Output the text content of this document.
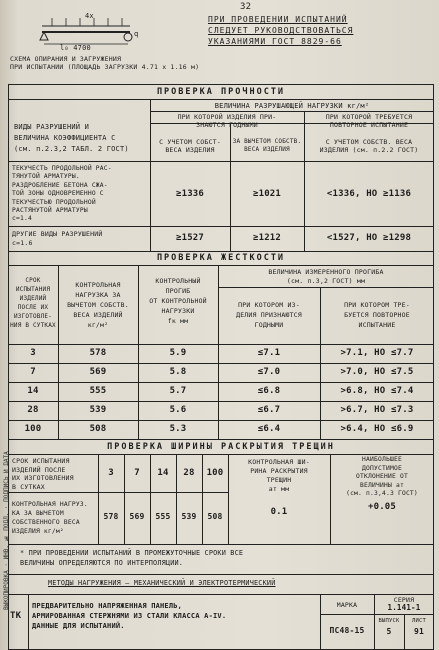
ВЫКОПИРОВКА · ИНВ. № ПОДЛ. · ПОДПИСЬ И ДАТА
32
4x
q
l₀ 4700
СХЕМА ОПИРАНИЯ И ЗАГРУЖЕНИЯ
ПРИ ИСПЫТАНИИ (ПЛОЩАДЬ ЗАГРУЗКИ 4.71 x 1.16 м)
ПРИ ПРОВЕДЕНИИ ИСПЫТАНИЙ
СЛЕДУЕТ РУКОВОДСТВОВАТЬСЯ
УКАЗАНИЯМИ ГОСТ 8829-66
ПРОВЕРКА ПРОЧНОСТИ
ВИДЫ РАЗРУШЕНИЙ И
ВЕЛИЧИНА КОЭФФИЦИЕНТА С
(см. п.2.3,2 ТАБЛ. 2 ГОСТ)
ВЕЛИЧИНА РАЗРУШАЮЩЕЙ НАГРУЗКИ кг/м²
ПРИ КОТОРОЙ ИЗДЕЛИЯ ПРИ-
ЗНАЮТСЯ ГОДНЫМИ
ПРИ КОТОРОЙ ТРЕБУЕТСЯ
ПОВТОРНОЕ ИСПЫТАНИЕ
С УЧЕТОМ СОБСТ-
ВЕСА ИЗДЕЛИЯ
ЗА ВЫЧЕТОМ СОБСТВ.
ВЕСА ИЗДЕЛИЯ
С УЧЕТОМ СОБСТВ. ВЕСА
ИЗДЕЛИЯ (см. п.2.2 ГОСТ)
ТЕКУЧЕСТЬ ПРОДОЛЬНОЙ РАС-
ТЯНУТОЙ АРМАТУРЫ.
РАЗДРОБЛЕНИЕ БЕТОНА СЖА-
ТОЙ ЗОНЫ ОДНОВРЕМЕННО С
ТЕКУЧЕСТЬЮ ПРОДОЛЬНОЙ
РАСТЯНУТОЙ АРМАТУРЫ
с=1.4
≥1336	≥1021	<1336, НО ≥1136
ДРУГИЕ ВИДЫ РАЗРУШЕНИЙ
с=1.6	≥1527	≥1212	<1527, НО ≥1298
ПРОВЕРКА ЖЕСТКОСТИ
СРОК
ИСПЫТАНИЯ
ИЗДЕЛИЙ
ПОСЛЕ ИХ
ИЗГОТОВЛЕ-
НИЯ В СУТКАХ
КОНТРОЛЬНАЯ
НАГРУЗКА ЗА
ВЫЧЕТОМ СОБСТВ.
ВЕСА ИЗДЕЛИЙ
кг/м²
КОНТРОЛЬНЫЙ
ПРОГИБ
ОТ КОНТРОЛЬНОЙ
НАГРУЗКИ
fк мм
ВЕЛИЧИНА ИЗМЕРЕННОГО ПРОГИБА
(см. п.3,2 ГОСТ) мм
ПРИ КОТОРОМ ИЗ-
ДЕЛИЯ ПРИЗНАЮТСЯ
ГОДНЫМИ
ПРИ КОТОРОМ ТРЕ-
БУЕТСЯ ПОВТОРНОЕ
ИСПЫТАНИЕ
3	578	5.9	≤7.1	>7.1, НО ≤7.7
7	569	5.8	≤7.0	>7.0, НО ≤7.5
14	555	5.7	≤6.8	>6.8, НО ≤7.4
28	539	5.6	≤6.7	>6.7, НО ≤7.3
100	508	5.3	≤6.4	>6.4, НО ≤6.9
ПРОВЕРКА ШИРИНЫ РАСКРЫТИЯ ТРЕЩИН
СРОК ИСПЫТАНИЯ
ИЗДЕЛИЙ ПОСЛЕ
ИХ ИЗГОТОВЛЕНИЯ
В СУТКАХ
3	7	14	28	100
КОНТРОЛЬНАЯ НАГРУЗ.
КА ЗА ВЫЧЕТОМ
СОБСТВЕННОГО ВЕСА
ИЗДЕЛИЯ кг/м²
578	569	555	539	508
КОНТРОЛЬНАЯ ШИ-
РИНА РАСКРЫТИЯ
ТРЕЩИН
aт мм
0.1
НАИБОЛЬШЕЕ
ДОПУСТИМОЕ
ОТКЛОНЕНИЕ ОТ
ВЕЛИЧИНЫ aт
(см. п.3,4.3 ГОСТ)
+0.05
* ПРИ ПРОВЕДЕНИИ ИСПЫТАНИЙ В ПРОМЕЖУТОЧНЫЕ СРОКИ ВСЕ
ВЕЛИЧИНЫ ОПРЕДЕЛЯЮТСЯ ПО ИНТЕРПОЛЯЦИИ.
МЕТОДЫ НАГРУЖЕНИЯ — МЕХАНИЧЕСКИЙ И ЭЛЕКТРОТЕРМИЧЕСКИЙ
ТК
ПРЕДВАРИТЕЛЬНО НАПРЯЖЕННАЯ ПАНЕЛЬ,
АРМИРОВАННАЯ СТЕРЖНЯМИ ИЗ СТАЛИ КЛАССА А-IV.
ДАННЫЕ ДЛЯ ИСПЫТАНИЙ.
МАРКА
ПС48-15
СЕРИЯ
1.141-1
ВЫПУСК
5
ЛИСТ
91
